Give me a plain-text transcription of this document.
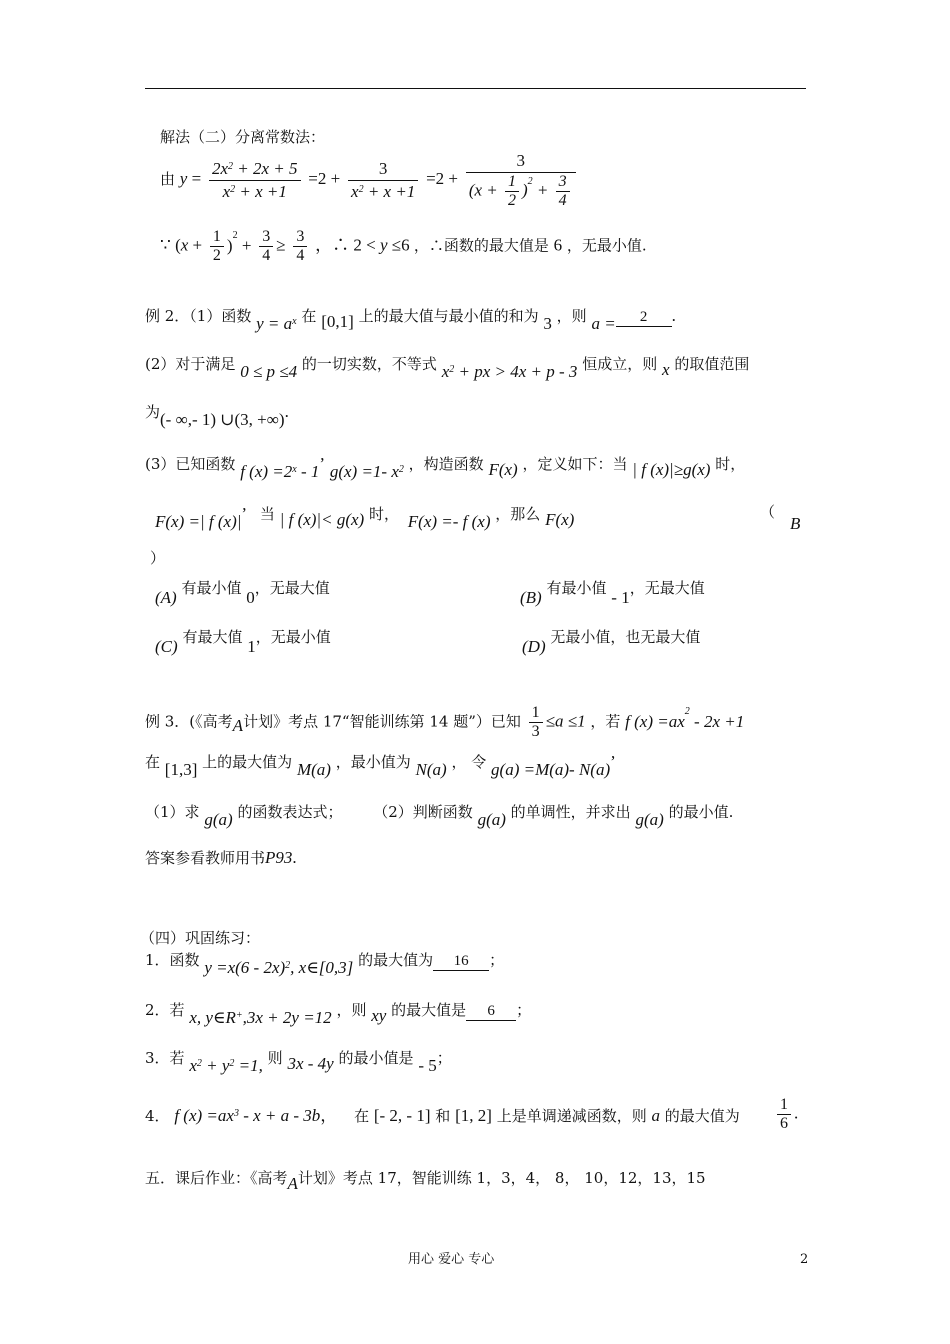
解法（二）分离常数法：
由 $y = \frac{2x^2 + 2x + 5}{x^2 + x +1} =2 + \frac{3}{x^2 + x +1} =2 + \frac{3}{(x + \frac{1}{2} )^2 + \frac{3}{4}}$
∵ $(x + \frac{1}{2} )^2 + \frac{3}{4} \ge \frac{3}{4}$ ，∴ 2 < y ≤6 ，∴函数的最大值是 6 ，无最小值.
例 2．（1）函数 $y = a^x$ 在 [0,1] 上的最大值与最小值的和为 3 ，则 a = 2 .
(2）对于满足 0 ≤ p ≤4 的一切实数，不等式 $x^2$ + px > 4x + p - 3 恒成立，则 x 的取值范围
为(- ∞,- 1) ∪(3, +∞).
(3）已知函数 f $(x) =2^x - 1$’ g(x) =1- $x^2$ ，构造函数 F(x) ，定义如下：当 | f (x)|≥g(x) 时，
F(x) =| f (x)|’ 当 | f (x)|< g(x) 时， F(x) =- f (x) ，那么 F(x)	（
B
）
(A) 有最小值 0，无最大值	(B) 有最小值 - 1，无最大值
(C) 有最大值 1，无最小值	(D) 无最小值，也无最大值
例 3．(《高考A计划》考点 17“智能训练第 14 题”）已知 $\frac{1}{3} \le a \le 1$ ，若 f $(x) =ax^2 - 2x +1$
在 [1,3] 上的最大值为 M(a) ，最小值为 N(a) ， 令 g(a) =M(a)- N(a)’
（1）求 g(a) 的函数表达式； （2）判断函数 g(a) 的单调性，并求出 g(a) 的最小值.
答案参看教师用书P93.
（四）巩固练习：
1．函数 y =x(6 - 2x)$^2$, x∈[0,3] 的最大值为 16 ；
2．若 x, y∈R+,3x + 2y =12 ，则 xy 的最大值是 6 ；
3．若 $x^2 + y^2 =1$, 则 3x - 4y 的最小值是 - 5；
4． f $(x) =ax^3 - x + a - 3b$， 在 [- 2, - 1] 和 [1, 2] 上是单调递减函数，则 a 的最大值为 $\frac{1}{6}$ .
五．课后作业：《高考A计划》考点 17，智能训练 1，3，4， 8， 10，12，13，15
用心 爱心 专心	2
